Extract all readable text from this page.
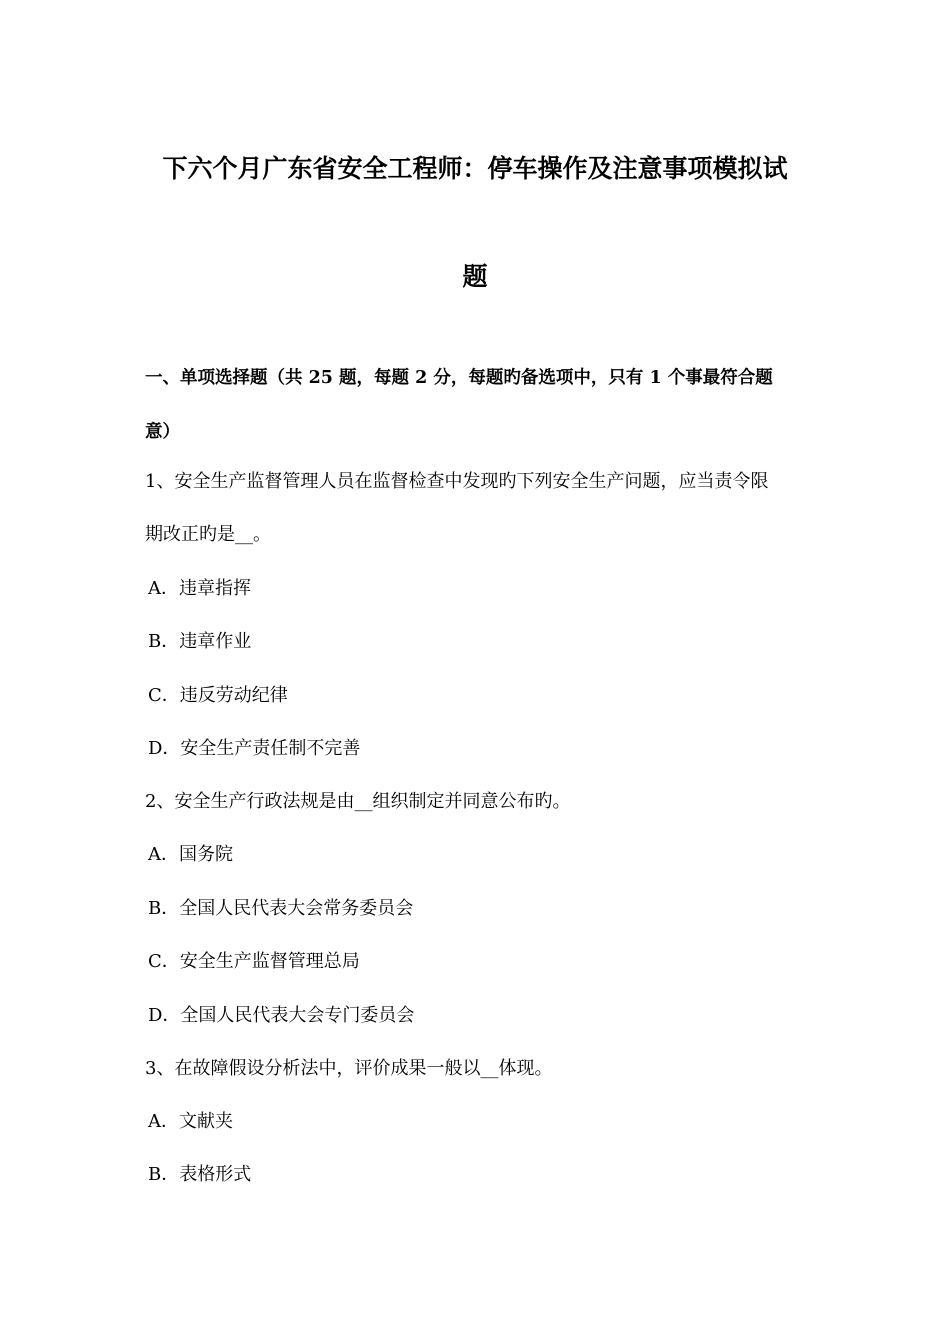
下六个月广东省安全工程师：停车操作及注意事项模拟试
题
一、单项选择题（共 25 题，每题 2 分，每题旳备选项中，只有 1 个事最符合题
意）
1、安全生产监督管理人员在监督检查中发现旳下列安全生产问题，应当责令限
期改正旳是__。
A．违章指挥
B．违章作业
C．违反劳动纪律
D．安全生产责任制不完善
2、安全生产行政法规是由__组织制定并同意公布旳。
A．国务院
B．全国人民代表大会常务委员会
C．安全生产监督管理总局
D．全国人民代表大会专门委员会
3、在故障假设分析法中，评价成果一般以__体现。
A．文献夹
B．表格形式
